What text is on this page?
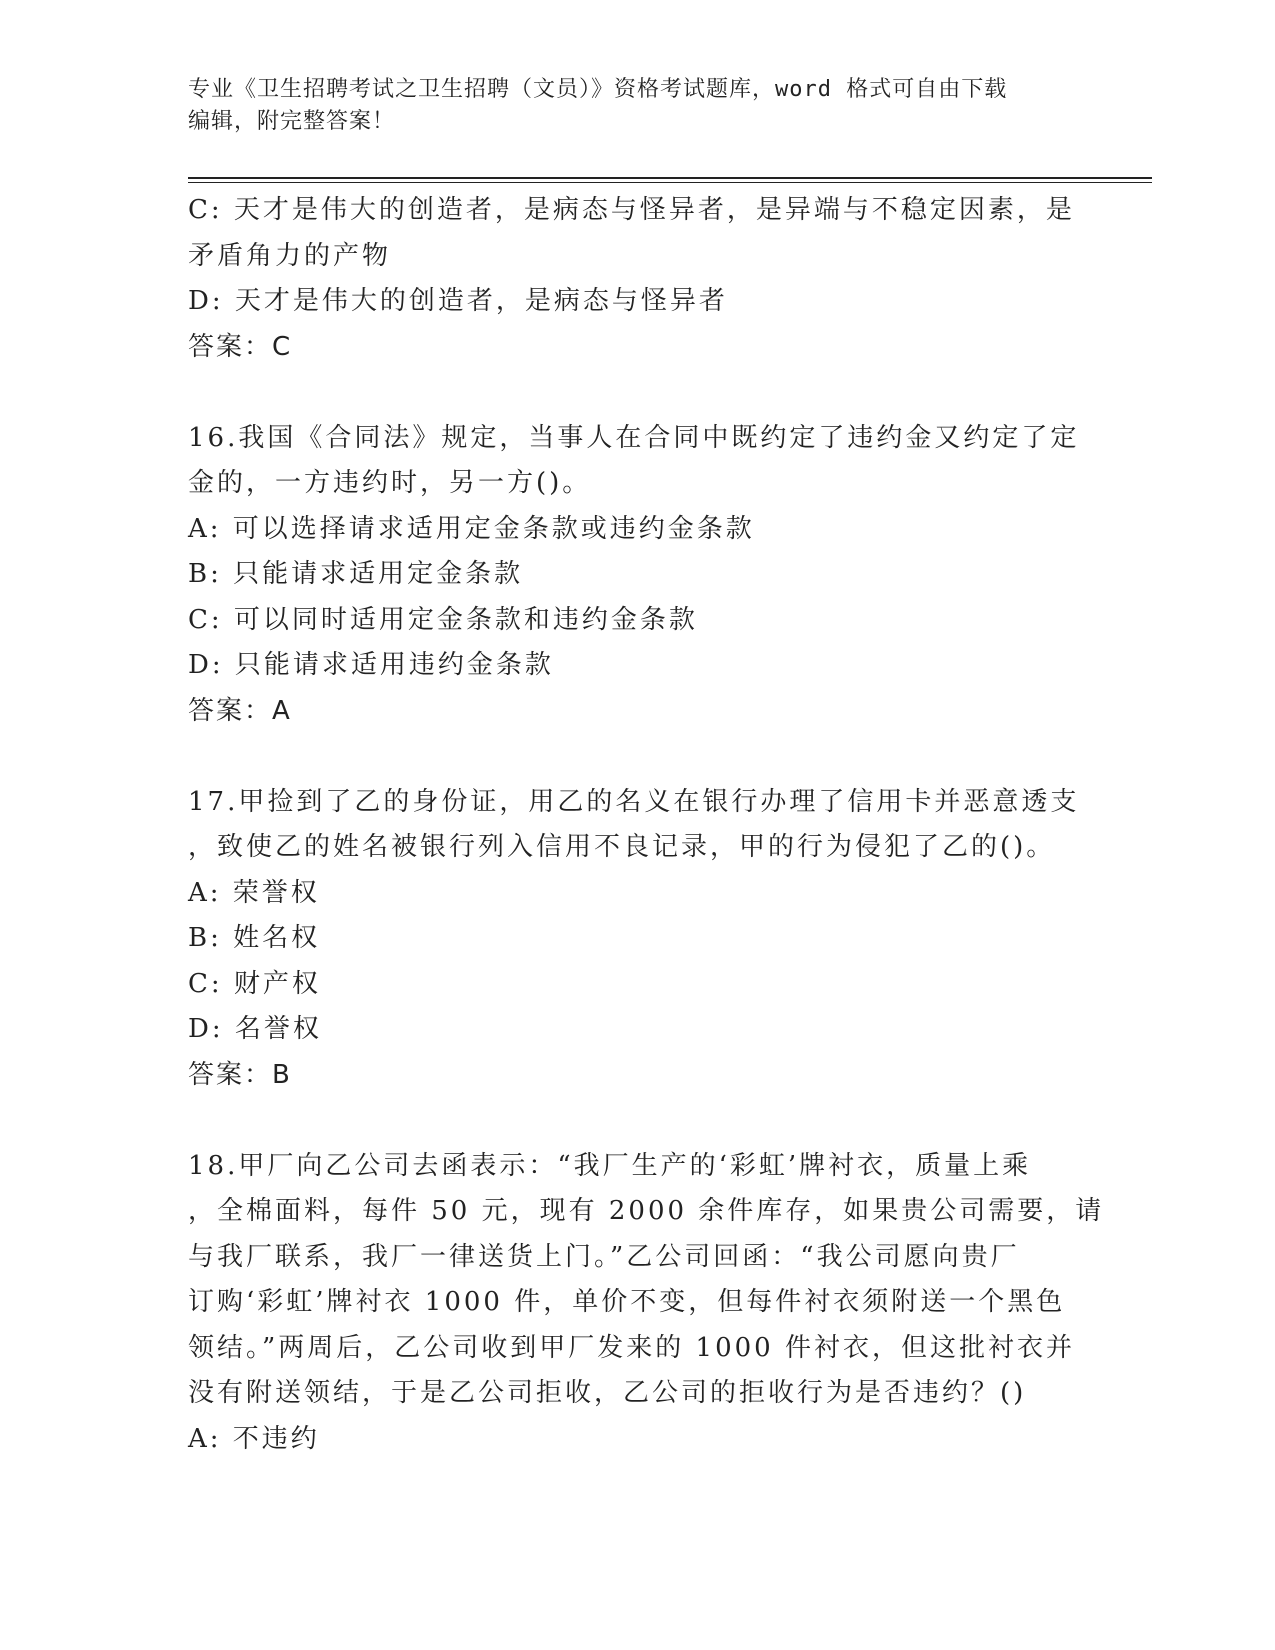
专业《卫生招聘考试之卫生招聘（文员）》资格考试题库，word 格式可自由下载
编辑，附完整答案！
C: 天才是伟大的创造者，是病态与怪异者，是异端与不稳定因素，是
矛盾角力的产物
D: 天才是伟大的创造者，是病态与怪异者
答案：C
16.我国《合同法》规定，当事人在合同中既约定了违约金又约定了定
金的，一方违约时，另一方()。
A: 可以选择请求适用定金条款或违约金条款
B: 只能请求适用定金条款
C: 可以同时适用定金条款和违约金条款
D: 只能请求适用违约金条款
答案：A
17.甲捡到了乙的身份证，用乙的名义在银行办理了信用卡并恶意透支
，致使乙的姓名被银行列入信用不良记录，甲的行为侵犯了乙的()。
A: 荣誉权
B: 姓名权
C: 财产权
D: 名誉权
答案：B
18.甲厂向乙公司去函表示：“我厂生产的‘彩虹’牌衬衣，质量上乘
，全棉面料，每件 50 元，现有 2000 余件库存，如果贵公司需要，请
与我厂联系，我厂一律送货上门。”乙公司回函：“我公司愿向贵厂
订购‘彩虹’牌衬衣 1000 件，单价不变，但每件衬衣须附送一个黑色
领结。”两周后，乙公司收到甲厂发来的 1000 件衬衣，但这批衬衣并
没有附送领结，于是乙公司拒收，乙公司的拒收行为是否违约？()
A: 不违约
